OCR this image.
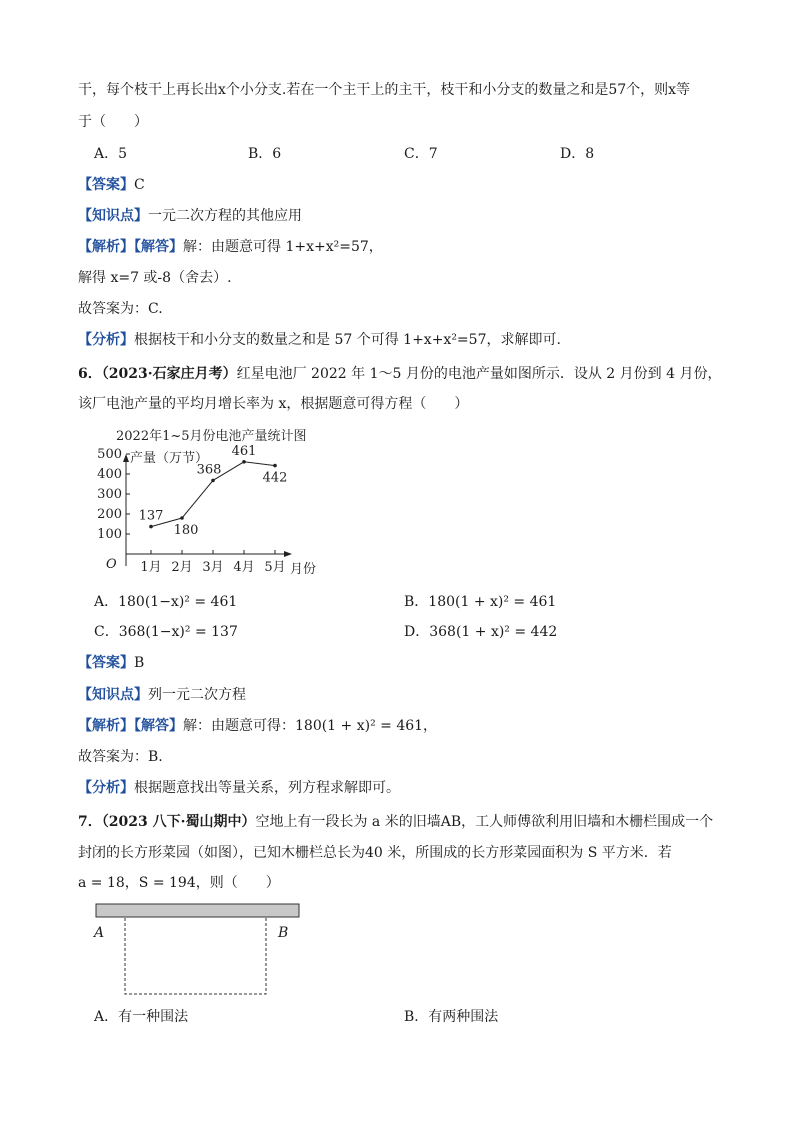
干，每个枝干上再长出x个小分支.若在一个主干上的主干，枝干和小分支的数量之和是57个，则x等
于（　　）
A．5	B．6	C．7	D．8
【答案】C
【知识点】一元二次方程的其他应用
【解析】【解答】解：由题意可得 1+x+x²=57，
解得 x=7 或-8（舍去）.
故答案为：C.
【分析】根据枝干和小分支的数量之和是 57 个可得 1+x+x²=57，求解即可.
6．（2023·石家庄月考）红星电池厂 2022 年 1～5 月份的电池产量如图所示．设从 2 月份到 4 月份，
该厂电池产量的平均月增长率为 x，根据题意可得方程（　　）
2022年1~5月份电池产量统计图
产量（万节）
月份
O
100
200
300
400
500
1月 2月 3月 4月 5月
137
180
368
461
442
A．180(1−x)² = 461	B．180(1 + x)² = 461
C．368(1−x)² = 137	D．368(1 + x)² = 442
【答案】B
【知识点】列一元二次方程
【解析】【解答】解：由题意可得：180(1 + x)² = 461，
故答案为：B.
【分析】根据题意找出等量关系，列方程求解即可。
7．（2023 八下·蜀山期中）空地上有一段长为 a 米的旧墙AB，工人师傅欲利用旧墙和木栅栏围成一个
封闭的长方形菜园（如图），已知木栅栏总长为40 米，所围成的长方形菜园面积为 S 平方米．若
a = 18，S = 194，则（　　）
A	B
A．有一种围法	B．有两种围法
